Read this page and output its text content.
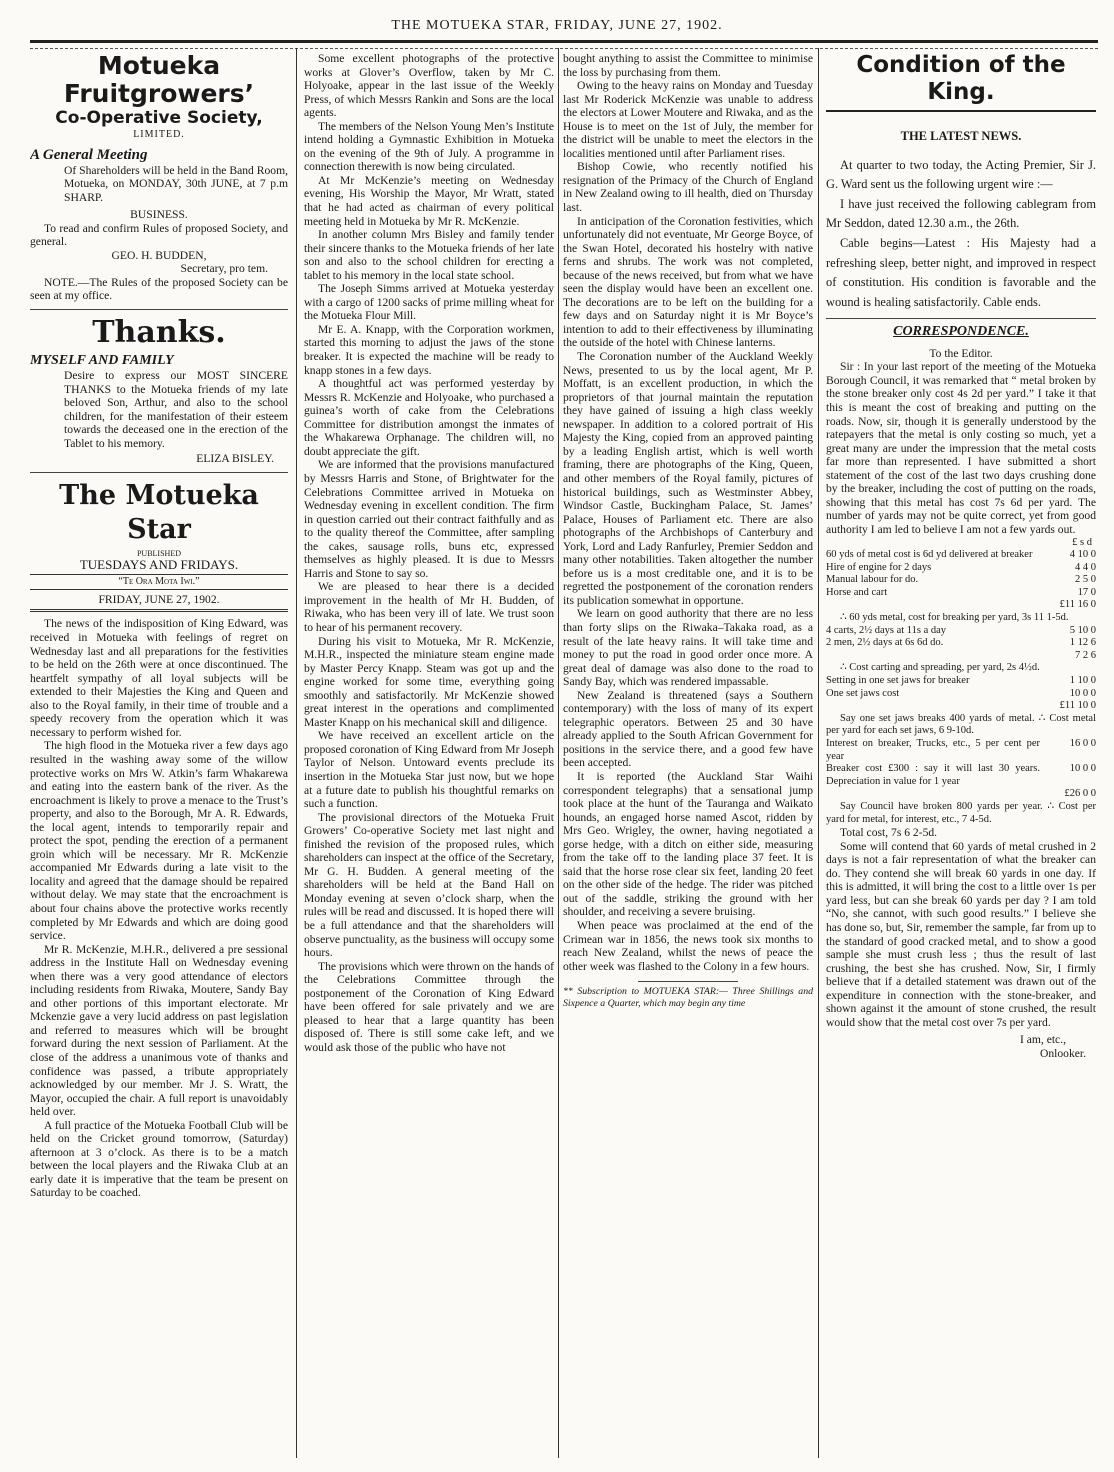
THE MOTUEKA STAR, FRIDAY, JUNE 27, 1902.
Motueka Fruitgrowers’
Co-Operative Society,
LIMITED.
A General Meeting

Of Shareholders will be held in the Band Room, Motueka, on MONDAY, 30th JUNE, at 7 p.m SHARP.

BUSINESS.

To read and confirm Rules of proposed Society, and general.

GEO. H. BUDDEN,
Secretary, pro tem.

NOTE.—The Rules of the proposed Society can be seen at my office.

Thanks.
MYSELF AND FAMILY

Desire to express our MOST SINCERE THANKS to the Motueka friends of my late beloved Son, Arthur, and also to the school children, for the manifestation of their esteem towards the deceased one in the erection of the Tablet to his memory.

ELIZA BISLEY.
The Motueka Star
PUBLISHED
TUESDAYS AND FRIDAYS.
“Te Ora Mota Iwi.”
FRIDAY, JUNE 27, 1902.

The news of the indisposition of King Edward, was received in Motueka with feelings of regret on Wednesday last and all preparations for the festivities to be held on the 26th were at once discontinued. The heartfelt sympathy of all loyal subjects will be extended to their Majesties the King and Queen and also to the Royal family, in their time of trouble and a speedy recovery from the operation which it was necessary to perform wished for.

The high flood in the Motueka river a few days ago resulted in the washing away some of the willow protective works on Mrs W. Atkin’s farm Whakarewa and eating into the eastern bank of the river. As the encroachment is likely to prove a menace to the Trust’s property, and also to the Borough, Mr A. R. Edwards, the local agent, intends to temporarily repair and protect the spot, pending the erection of a permanent groin which will be necessary. Mr R. McKenzie accompanied Mr Edwards during a late visit to the locality and agreed that the damage should be repaired without delay. We may state that the encroachment is about four chains above the protective works recently completed by Mr Edwards and which are doing good service.

Mr R. McKenzie, M.H.R., delivered a pre sessional address in the Institute Hall on Wednesday evening when there was a very good attendance of electors including residents from Riwaka, Moutere, Sandy Bay and other portions of this important electorate. Mr Mckenzie gave a very lucid address on past legislation and referred to measures which will be brought forward during the next session of Parliament. At the close of the address a unanimous vote of thanks and confidence was passed, a tribute appropriately acknowledged by our member. Mr J. S. Wratt, the Mayor, occupied the chair. A full report is unavoidably held over.

A full practice of the Motueka Football Club will be held on the Cricket ground tomorrow, (Saturday) afternoon at 3 o’clock. As there is to be a match between the local players and the Riwaka Club at an early date it is imperative that the team be present on Saturday to be coached.

Some excellent photographs of the protective works at Glover’s Overflow, taken by Mr C. Holyoake, appear in the last issue of the Weekly Press, of which Messrs Rankin and Sons are the local agents.

The members of the Nelson Young Men’s Institute intend holding a Gymnastic Exhibition in Motueka on the evening of the 9th of July. A programme in connection therewith is now being circulated.

At Mr McKenzie’s meeting on Wednesday evening, His Worship the Mayor, Mr Wratt, stated that he had acted as chairman of every political meeting held in Motueka by Mr R. McKenzie.

In another column Mrs Bisley and family tender their sincere thanks to the Motueka friends of her late son and also to the school children for erecting a tablet to his memory in the local state school.

The Joseph Simms arrived at Motueka yesterday with a cargo of 1200 sacks of prime milling wheat for the Motueka Flour Mill.

Mr E. A. Knapp, with the Corporation workmen, started this morning to adjust the jaws of the stone breaker. It is expected the machine will be ready to knapp stones in a few days.

A thoughtful act was performed yesterday by Messrs R. McKenzie and Holyoake, who purchased a guinea’s worth of cake from the Celebrations Committee for distribution amongst the inmates of the Whakarewa Orphanage. The children will, no doubt appreciate the gift.

We are informed that the provisions manufactured by Messrs Harris and Stone, of Brightwater for the Celebrations Committee arrived in Motueka on Wednesday evening in excellent condition. The firm in question carried out their contract faithfully and as to the quality thereof the Committee, after sampling the cakes, sausage rolls, buns etc, expressed themselves as highly pleased. It is due to Messrs Harris and Stone to say so.

We are pleased to hear there is a decided improvement in the health of Mr H. Budden, of Riwaka, who has been very ill of late. We trust soon to hear of his permanent recovery.

During his visit to Motueka, Mr R. McKenzie, M.H.R., inspected the miniature steam engine made by Master Percy Knapp. Steam was got up and the engine worked for some time, everything going smoothly and satisfactorily. Mr McKenzie showed great interest in the operations and complimented Master Knapp on his mechanical skill and diligence.

We have received an excellent article on the proposed coronation of King Edward from Mr Joseph Taylor of Nelson. Untoward events preclude its insertion in the Motueka Star just now, but we hope at a future date to publish his thoughtful remarks on such a function.

The provisional directors of the Motueka Fruit Growers’ Co-operative Society met last night and finished the revision of the proposed rules, which shareholders can inspect at the office of the Secretary, Mr G. H. Budden. A general meeting of the shareholders will be held at the Band Hall on Monday evening at seven o’clock sharp, when the rules will be read and discussed. It is hoped there will be a full attendance and that the shareholders will observe punctuality, as the business will occupy some hours.

The provisions which were thrown on the hands of the Celebrations Committee through the postponement of the Coronation of King Edward have been offered for sale privately and we are pleased to hear that a large quantity has been disposed of. There is still some cake left, and we would ask those of the public who have not

bought anything to assist the Committee to minimise the loss by purchasing from them.

Owing to the heavy rains on Monday and Tuesday last Mr Roderick McKenzie was unable to address the electors at Lower Moutere and Riwaka, and as the House is to meet on the 1st of July, the member for the district will be unable to meet the electors in the localities mentioned until after Parliament rises.

Bishop Cowie, who recently notified his resignation of the Primacy of the Church of England in New Zealand owing to ill health, died on Thursday last.

In anticipation of the Coronation festivities, which unfortunately did not eventuate, Mr George Boyce, of the Swan Hotel, decorated his hostelry with native ferns and shrubs. The work was not completed, because of the news received, but from what we have seen the display would have been an excellent one. The decorations are to be left on the building for a few days and on Saturday night it is Mr Boyce’s intention to add to their effectiveness by illuminating the outside of the hotel with Chinese lanterns.

The Coronation number of the Auckland Weekly News, presented to us by the local agent, Mr P. Moffatt, is an excellent production, in which the proprietors of that journal maintain the reputation they have gained of issuing a high class weekly newspaper. In addition to a colored portrait of His Majesty the King, copied from an approved painting by a leading English artist, which is well worth framing, there are photographs of the King, Queen, and other members of the Royal family, pictures of historical buildings, such as Westminster Abbey, Windsor Castle, Buckingham Palace, St. James’ Palace, Houses of Parliament etc. There are also photographs of the Archbishops of Canterbury and York, Lord and Lady Ranfurley, Premier Seddon and many other notabilities. Taken altogether the number before us is a most creditable one, and it is to be regretted the postponement of the coronation renders its publication somewhat in opportune.

We learn on good authority that there are no less than forty slips on the Riwaka–Takaka road, as a result of the late heavy rains. It will take time and money to put the road in good order once more. A great deal of damage was also done to the road to Sandy Bay, which was rendered impassable.

New Zealand is threatened (says a Southern contemporary) with the loss of many of its expert telegraphic operators. Between 25 and 30 have already applied to the South African Government for positions in the service there, and a good few have been accepted.

It is reported (the Auckland Star Waihi correspondent telegraphs) that a sensational jump took place at the hunt of the Tauranga and Waikato hounds, an engaged horse named Ascot, ridden by Mrs Geo. Wrigley, the owner, having negotiated a gorse hedge, with a ditch on either side, measuring from the take off to the landing place 37 feet. It is said that the horse rose clear six feet, landing 20 feet on the other side of the hedge. The rider was pitched out of the saddle, striking the ground with her shoulder, and receiving a severe bruising.

When peace was proclaimed at the end of the Crimean war in 1856, the news took six months to reach New Zealand, whilst the news of peace the other week was flashed to the Colony in a few hours.

** Subscription to MOTUEKA STAR:— Three Shillings and Sixpence a Quarter, which may begin any time

Condition of the King.
THE LATEST NEWS.

At quarter to two today, the Acting Premier, Sir J. G. Ward sent us the following urgent wire :—

I have just received the following cablegram from Mr Seddon, dated 12.30 a.m., the 26th.

Cable begins—Latest : His Majesty had a refreshing sleep, better night, and improved in respect of constitution. His condition is favorable and the wound is healing satisfactorily. Cable ends.

CORRESPONDENCE.
To the Editor.

Sir : In your last report of the meeting of the Motueka Borough Council, it was remarked that “ metal broken by the stone breaker only cost 4s 2d per yard.” I take it that this is meant the cost of breaking and putting on the roads. Now, sir, though it is generally understood by the ratepayers that the metal is only costing so much, yet a great many are under the impression that the metal costs far more than represented. I have submitted a short statement of the cost of the last two days crushing done by the breaker, including the cost of putting on the roads, showing that this metal has cost 7s 6d per yard. The number of yards may not be quite correct, yet from good authority I am led to believe I am not a few yards out.

£ s d
60 yds of metal cost is 6d yd delivered at breaker	4 10 0
Hire of engine for 2 days	4 4 0
Manual labour for do.	2 5 0
Horse and cart	17 0
£11 16 0

∴ 60 yds metal, cost for breaking per yard, 3s 11 1-5d.

4 carts, 2½ days at 11s a day	5 10 0
2 men, 2½ days at 6s 6d do.	1 12 6
7 2 6

∴ Cost carting and spreading, per yard, 2s 4½d.

Setting in one set jaws for breaker	1 10 0
One set jaws cost	10 0 0
£11 10 0

Say one set jaws breaks 400 yards of metal. ∴ Cost metal per yard for each set jaws, 6 9-10d.

Interest on breaker, Trucks, etc., 5 per cent per year	16 0 0
Breaker cost £300 : say it will last 30 years. Depreciation in value for 1 year	10 0 0
£26 0 0

Say Council have broken 800 yards per year. ∴ Cost per yard for metal, for interest, etc., 7 4-5d.

Total cost, 7s 6 2-5d.

Some will contend that 60 yards of metal crushed in 2 days is not a fair representation of what the breaker can do. They contend she will break 60 yards in one day. If this is admitted, it will bring the cost to a little over 1s per yard less, but can she break 60 yards per day ? I am told “No, she cannot, with such good results.” I believe she has done so, but, Sir, remember the sample, far from up to the standard of good cracked metal, and to show a good sample she must crush less ; thus the result of last crushing, the best she has crushed. Now, Sir, I firmly believe that if a detailed statement was drawn out of the expenditure in connection with the stone-breaker, and shown against it the amount of stone crushed, the result would show that the metal cost over 7s per yard.

I am, etc.,
Onlooker.
